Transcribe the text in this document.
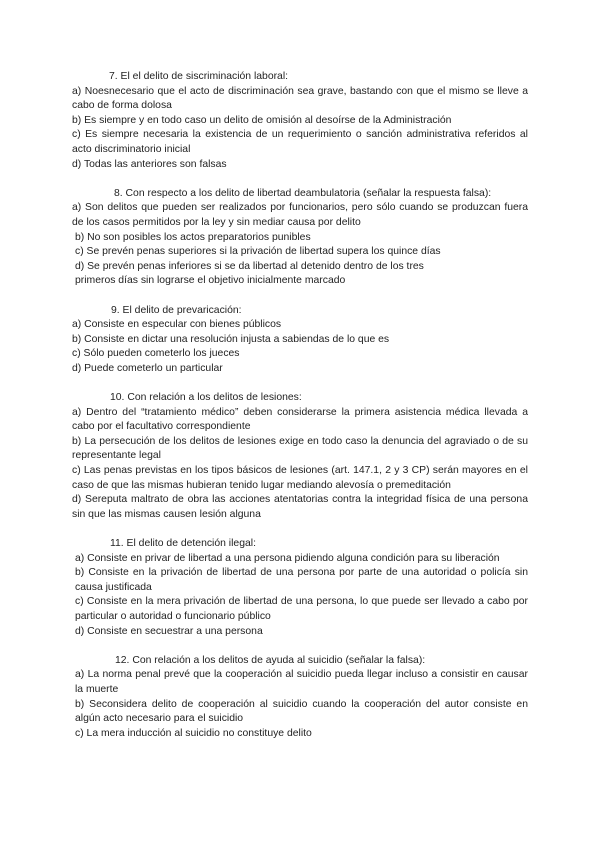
7. El el delito de siscriminación laboral:
a) Noesnecesario que el acto de discriminación sea grave, bastando con que el mismo se lleve a cabo de forma dolosa
b) Es siempre y en todo caso un delito de omisión al desoírse de la Administración
c) Es siempre necesaria la existencia de un requerimiento o sanción administrativa referidos al acto discriminatorio inicial
d) Todas las anteriores son falsas
8. Con respecto a los delito de libertad deambulatoria (señalar la respuesta falsa):
a) Son delitos que pueden ser realizados por funcionarios, pero sólo cuando se produzcan fuera de los casos permitidos por la ley y sin mediar causa por delito
b) No son posibles los actos preparatorios punibles
c) Se prevén penas superiores si la privación de libertad supera los quince días
d) Se prevén penas inferiores si se da libertad al detenido dentro de los tres
primeros días sin lograrse el objetivo inicialmente marcado
9. El delito de prevaricación:
a) Consiste en especular con bienes públicos
b) Consiste en dictar una resolución injusta a sabiendas de lo que es
c) Sólo pueden cometerlo los jueces
d) Puede cometerlo un particular
10. Con relación a los delitos de lesiones:
a) Dentro del “tratamiento médico” deben considerarse la primera asistencia médica llevada a cabo por el facultativo correspondiente
b) La persecución de los delitos de lesiones exige en todo caso la denuncia del agraviado o de su representante legal
c) Las penas previstas en los tipos básicos de lesiones (art. 147.1, 2 y 3 CP) serán mayores en el caso de que las mismas hubieran tenido lugar mediando alevosía o premeditación
d) Sereputa maltrato de obra las acciones atentatorias contra la integridad física de una persona sin que las mismas causen lesión alguna
11. El delito de detención ilegal:
a) Consiste en privar de libertad a una persona pidiendo alguna condición para su liberación
b) Consiste en la privación de libertad de una persona por parte de una autoridad o policía sin causa justificada
c) Consiste en la mera privación de libertad de una persona, lo que puede ser llevado a cabo por particular o autoridad o funcionario público
d) Consiste en secuestrar a una persona
12. Con relación a los delitos de ayuda al suicidio (señalar la falsa):
a) La norma penal prevé que la cooperación al suicidio pueda llegar incluso a consistir en causar la muerte
b) Seconsidera delito de cooperación al suicidio cuando la cooperación del autor consiste en algún acto necesario para el suicidio
c) La mera inducción al suicidio no constituye delito
